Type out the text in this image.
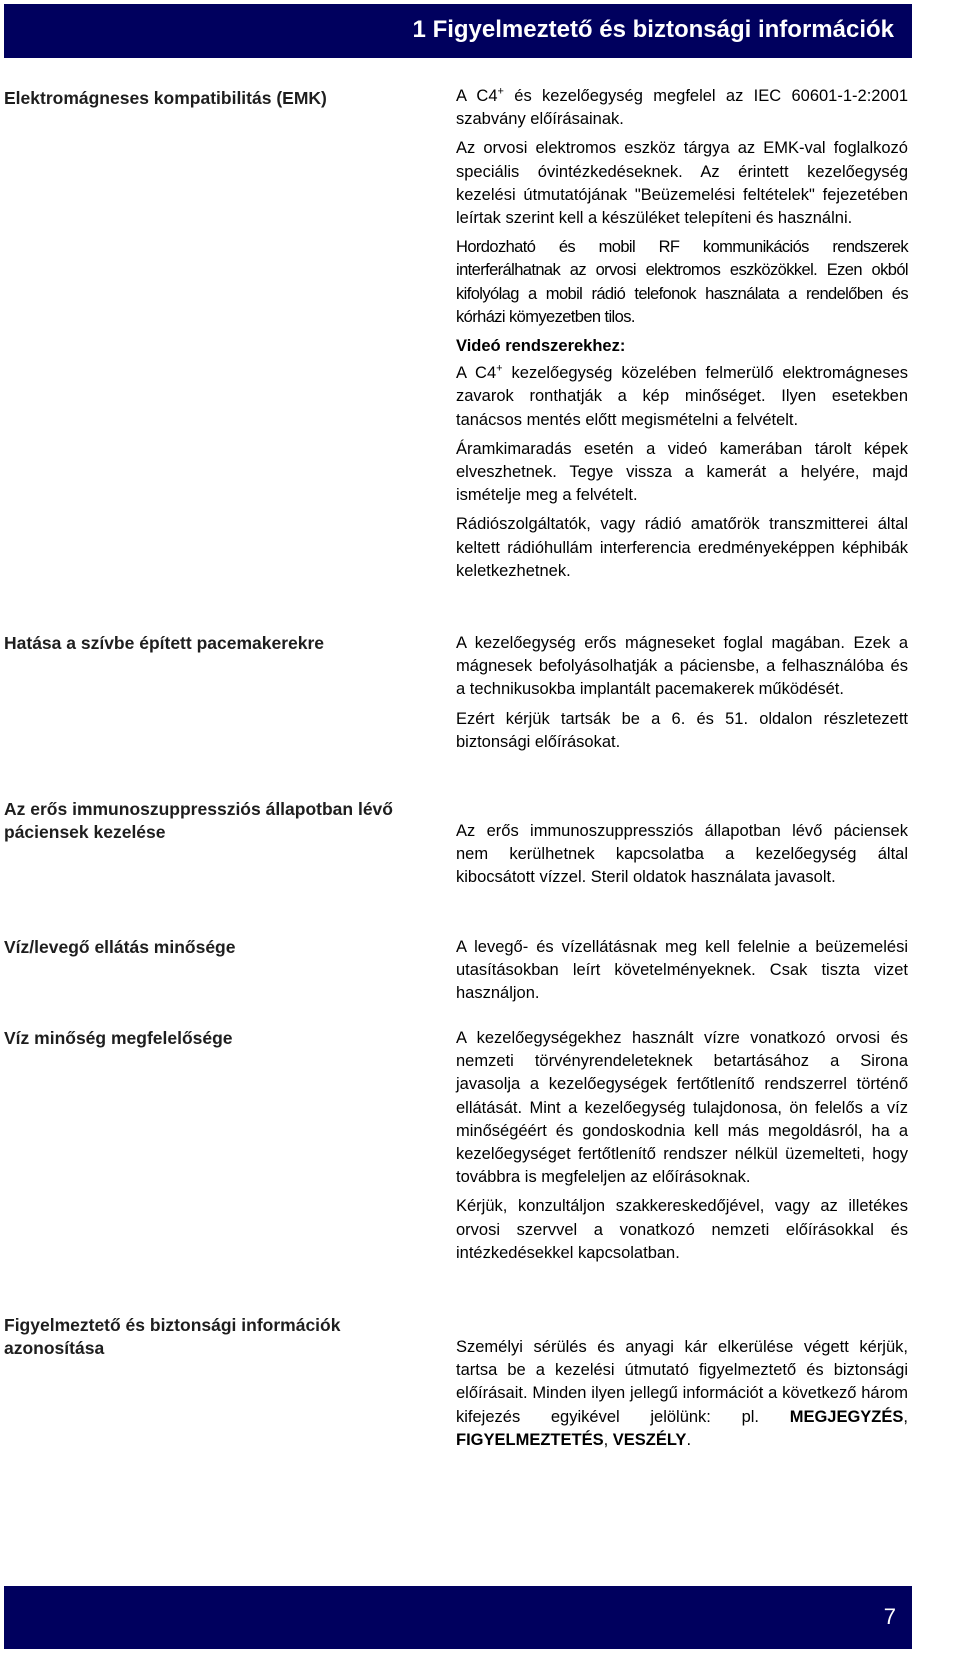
1 Figyelmeztető és biztonsági információk
Elektromágneses kompatibilitás (EMK)	A C4+ és kezelőegység megfelel az IEC 60601-1-2:2001 szabvány előírásainak.

Az orvosi elektromos eszköz tárgya az EMK-val foglalkozó speciális óvintézkedéseknek. Az érintett kezelőegység kezelési útmutatójának "Beüzemelési feltételek" fejezetében leírtak szerint kell a készüléket telepíteni és használni.

Hordozható és mobil RF kommunikációs rendszerek interferálhatnak az orvosi elektromos eszközökkel. Ezen okból kifolyólag a mobil rádió telefonok használata a rendelőben és kórházi kömyezetben tilos.

Videó rendszerekhez:

A C4+ kezelőegység közelében felmerülő elektromágneses zavarok ronthatják a kép minőséget. Ilyen esetekben tanácsos mentés előtt megismételni a felvételt.

Áramkimaradás esetén a videó kamerában tárolt képek elveszhetnek. Tegye vissza a kamerát a helyére, majd ismételje meg a felvételt.

Rádiószolgáltatók, vagy rádió amatőrök transzmitterei által keltett rádióhullám interferencia eredményeképpen képhibák keletkezhetnek.

Hatása a szívbe épített pacemakerekre	A kezelőegység erős mágneseket foglal magában. Ezek a mágnesek befolyásolhatják a páciensbe, a felhasználóba és a technikusokba implantált pacemakerek működését.

Ezért kérjük tartsák be a 6. és 51. oldalon részletezett biztonsági előírásokat.

Az erős immunoszuppressziós állapotban lévő páciensek kezelése	Az erős immunoszuppressziós állapotban lévő páciensek nem kerülhetnek kapcsolatba a kezelőegység által kibocsátott vízzel. Steril oldatok használata javasolt.

Víz/levegő ellátás minősége	A levegő- és vízellátásnak meg kell felelnie a beüzemelési utasításokban leírt követelményeknek. Csak tiszta vizet használjon.

Víz minőség megfelelősége	A kezelőegységekhez használt vízre vonatkozó orvosi és nemzeti törvényrendeleteknek betartásához a Sirona javasolja a kezelőegységek fertőtlenítő rendszerrel történő ellátását. Mint a kezelőegység tulajdonosa, ön felelős a víz minőségéért és gondoskodnia kell más megoldásról, ha a kezelőegységet fertőtlenítő rendszer nélkül üzemelteti, hogy továbbra is megfeleljen az előírásoknak.

Kérjük, konzultáljon szakkereskedőjével, vagy az illetékes orvosi szervvel a vonatkozó nemzeti előírásokkal és intézkedésekkel kapcsolatban.

Figyelmeztető és biztonsági információk azonosítása	Személyi sérülés és anyagi kár elkerülése végett kérjük, tartsa be a kezelési útmutató figyelmeztető és biztonsági előírásait. Minden ilyen jellegű információt a következő három kifejezés egyikével jelölünk: pl. MEGJEGYZÉS, FIGYELMEZTETÉS, VESZÉLY.

7
